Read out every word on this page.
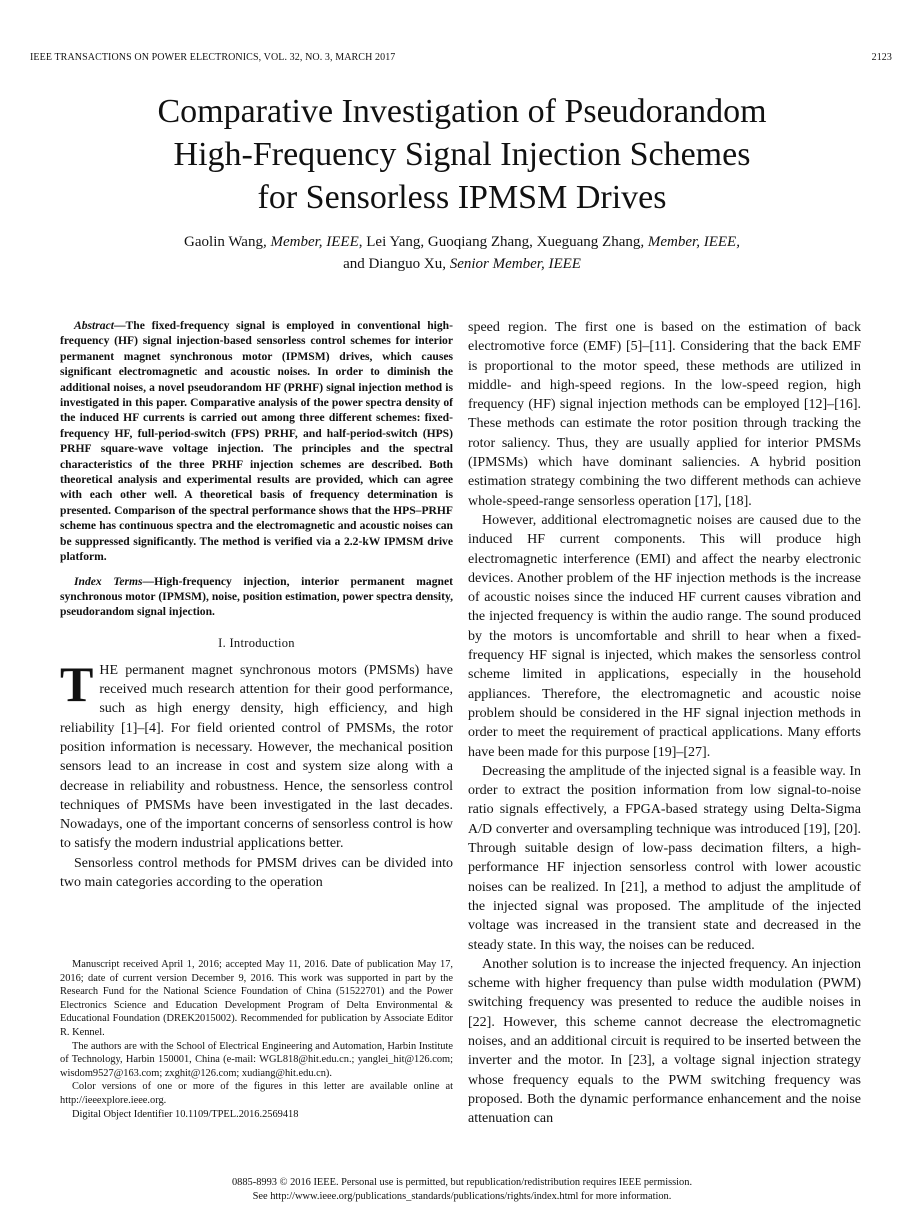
IEEE TRANSACTIONS ON POWER ELECTRONICS, VOL. 32, NO. 3, MARCH 2017	2123
Comparative Investigation of Pseudorandom
High-Frequency Signal Injection Schemes
for Sensorless IPMSM Drives
Gaolin Wang, Member, IEEE, Lei Yang, Guoqiang Zhang, Xueguang Zhang, Member, IEEE,
and Dianguo Xu, Senior Member, IEEE

Abstract—The fixed-frequency signal is employed in conventional high-frequency (HF) signal injection-based sensorless control schemes for interior permanent magnet synchronous motor (IPMSM) drives, which causes significant electromagnetic and acoustic noises. In order to diminish the additional noises, a novel pseudorandom HF (PRHF) signal injection method is investigated in this paper. Comparative analysis of the power spectra density of the induced HF currents is carried out among three different schemes: fixed-frequency HF, full-period-switch (FPS) PRHF, and half-period-switch (HPS) PRHF square-wave voltage injection. The principles and the spectral characteristics of the three PRHF injection schemes are described. Both theoretical analysis and experimental results are provided, which can agree with each other well. A theoretical basis of frequency determination is presented. Comparison of the spectral performance shows that the HPS–PRHF scheme has continuous spectra and the electromagnetic and acoustic noises can be suppressed significantly. The method is verified via a 2.2-kW IPMSM drive platform.

Index Terms—High-frequency injection, interior permanent magnet synchronous motor (IPMSM), noise, position estimation, power spectra density, pseudorandom signal injection.

I. Introduction

THE permanent magnet synchronous motors (PMSMs) have received much research attention for their good performance, such as high energy density, high efficiency, and high reliability [1]–[4]. For field oriented control of PMSMs, the rotor position information is necessary. However, the mechanical position sensors lead to an increase in cost and system size along with a decrease in reliability and robustness. Hence, the sensorless control techniques of PMSMs have been investigated in the last decades. Nowadays, one of the important concerns of sensorless control is how to satisfy the modern industrial applications better.

Sensorless control methods for PMSM drives can be divided into two main categories according to the operation

Manuscript received April 1, 2016; accepted May 11, 2016. Date of publication May 17, 2016; date of current version December 9, 2016. This work was supported in part by the Research Fund for the National Science Foundation of China (51522701) and the Power Electronics Science and Education Development Program of Delta Environmental & Educational Foundation (DREK2015002). Recommended for publication by Associate Editor R. Kennel.

The authors are with the School of Electrical Engineering and Automation, Harbin Institute of Technology, Harbin 150001, China (e-mail: WGL818@hit.edu.cn.; yanglei_hit@126.com; wisdom9527@163.com; zxghit@126.com; xudiang@hit.edu.cn).

Color versions of one or more of the figures in this letter are available online at http://ieeexplore.ieee.org.

Digital Object Identifier 10.1109/TPEL.2016.2569418

speed region. The first one is based on the estimation of back electromotive force (EMF) [5]–[11]. Considering that the back EMF is proportional to the motor speed, these methods are utilized in middle- and high-speed regions. In the low-speed region, high frequency (HF) signal injection methods can be employed [12]–[16]. These methods can estimate the rotor position through tracking the rotor saliency. Thus, they are usually applied for interior PMSMs (IPMSMs) which have dominant saliencies. A hybrid position estimation strategy combining the two different methods can achieve whole-speed-range sensorless operation [17], [18].

However, additional electromagnetic noises are caused due to the induced HF current components. This will produce high electromagnetic interference (EMI) and affect the nearby electronic devices. Another problem of the HF injection methods is the increase of acoustic noises since the induced HF current causes vibration and the injected frequency is within the audio range. The sound produced by the motors is uncomfortable and shrill to hear when a fixed-frequency HF signal is injected, which makes the sensorless control scheme limited in applications, especially in the household appliances. Therefore, the electromagnetic and acoustic noise problem should be considered in the HF signal injection methods in order to meet the requirement of practical applications. Many efforts have been made for this purpose [19]–[27].

Decreasing the amplitude of the injected signal is a feasible way. In order to extract the position information from low signal-to-noise ratio signals effectively, a FPGA-based strategy using Delta-Sigma A/D converter and oversampling technique was introduced [19], [20]. Through suitable design of low-pass decimation filters, a high-performance HF injection sensorless control with lower acoustic noises can be realized. In [21], a method to adjust the amplitude of the injected signal was proposed. The amplitude of the injected voltage was increased in the transient state and decreased in the steady state. In this way, the noises can be reduced.

Another solution is to increase the injected frequency. An injection scheme with higher frequency than pulse width modulation (PWM) switching frequency was presented to reduce the audible noises in [22]. However, this scheme cannot decrease the electromagnetic noises, and an additional circuit is required to be inserted between the inverter and the motor. In [23], a voltage signal injection strategy whose frequency equals to the PWM switching frequency was proposed. Both the dynamic performance enhancement and the noise attenuation can

0885-8993 © 2016 IEEE. Personal use is permitted, but republication/redistribution requires IEEE permission.
See http://www.ieee.org/publications_standards/publications/rights/index.html for more information.
